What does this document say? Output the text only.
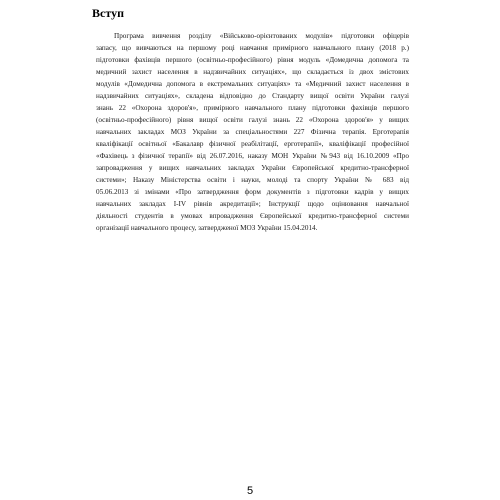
Вступ
Програма вивчення розділу «Військово-орієнтованих модулів» підготовки офіцерів
запасу, що вивчаються на першому році навчання примірного навчального плану (2018 р.)
підготовки фахівців першого (освітньо-професійного) рівня модуль «Домедична допомога та
медичний захист населення в надзвичайних ситуаціях», що складається із двох змістових
модулів «Домедична допомога в екстремальних ситуаціях» та «Медичний захист населення в
надзвичайних ситуаціях», складена відповідно до Стандарту вищої освіти України галузі
знань 22 «Охорона здоров'я», примірного навчального плану підготовки фахівців першого
(освітньо-професійного) рівня вищої освіти галузі знань 22 «Охорона здоров'я» у вищих
навчальних закладах МОЗ України за спеціальностями 227 Фізична терапія. Ерготерапія
кваліфікації освітньої «Бакалавр фізичної реабілітації, ерготерапії», кваліфікації професійної
«Фахівець з фізичної терапії» від 26.07.2016, наказу МОН України №943 від 16.10.2009 «Про
запровадження у вищих навчальних закладах України Європейської кредитно-трансферної
системи»; Наказу Міністерства освіти і науки, молоді та спорту України № 683 від
05.06.2013 зі змінами «Про затвердження форм документів з підготовки кадрів у вищих
навчальних закладах I-IV рівнів акредитації»; Інструкції щодо оцінювання навчальної
діяльності студентів в умовах впровадження Європейської кредитно-трансферної системи
організації навчального процесу, затвердженої МОЗ України 15.04.2014.
5
